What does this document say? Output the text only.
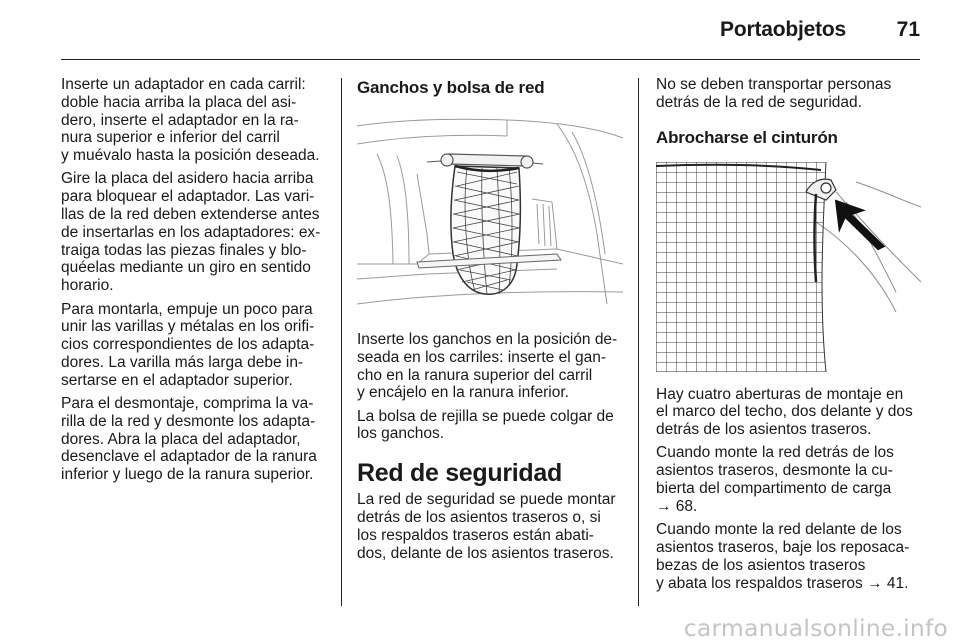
Portaobjetos	71

Inserte un adaptador en cada carril:
doble hacia arriba la placa del asi-
dero, inserte el adaptador en la ra-
nura superior e inferior del carril
y muévalo hasta la posición deseada.

Gire la placa del asidero hacia arriba
para bloquear el adaptador. Las vari-
llas de la red deben extenderse antes
de insertarlas en los adaptadores: ex-
traiga todas las piezas finales y blo-
quéelas mediante un giro en sentido
horario.

Para montarla, empuje un poco para
unir las varillas y métalas en los orifi-
cios correspondientes de los adapta-
dores. La varilla más larga debe in-
sertarse en el adaptador superior.

Para el desmontaje, comprima la va-
rilla de la red y desmonte los adapta-
dores. Abra la placa del adaptador,
desenclave el adaptador de la ranura
inferior y luego de la ranura superior.

Ganchos y bolsa de red

Inserte los ganchos en la posición de-
seada en los carriles: inserte el gan-
cho en la ranura superior del carril
y encájelo en la ranura inferior.

La bolsa de rejilla se puede colgar de
los ganchos.

Red de seguridad

La red de seguridad se puede montar
detrás de los asientos traseros o, si
los respaldos traseros están abati-
dos, delante de los asientos traseros.

No se deben transportar personas
detrás de la red de seguridad.

Abrocharse el cinturón

Hay cuatro aberturas de montaje en
el marco del techo, dos delante y dos
detrás de los asientos traseros.

Cuando monte la red detrás de los
asientos traseros, desmonte la cu-
bierta del compartimento de carga
→ 68.

Cuando monte la red delante de los
asientos traseros, baje los reposaca-
bezas de los asientos traseros
y abata los respaldos traseros → 41.

carmanualsonline.info
